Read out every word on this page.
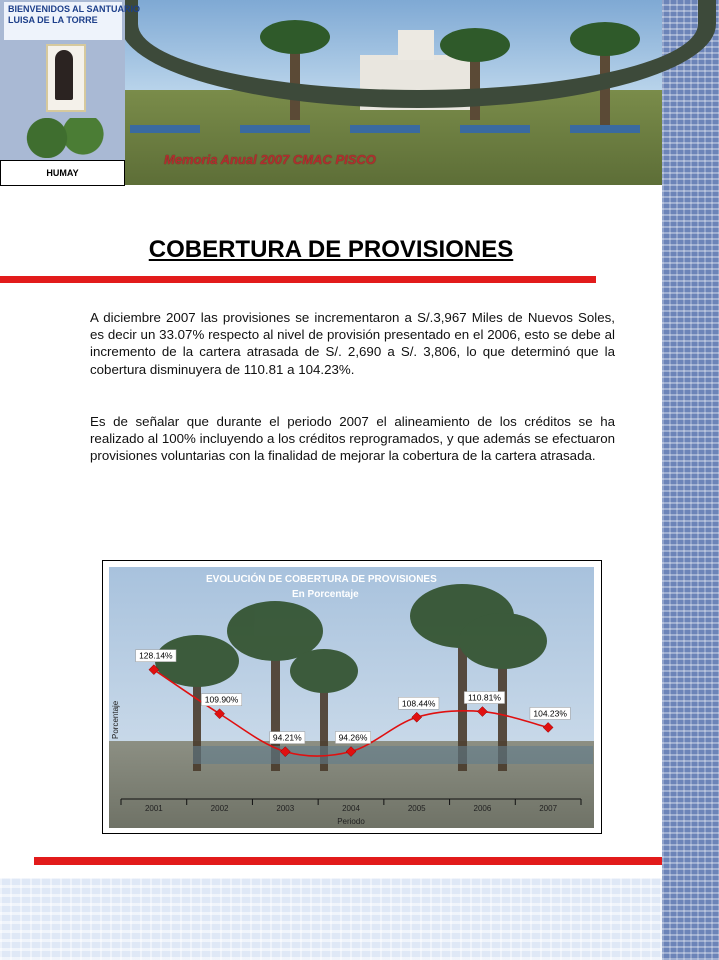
BIENVENIDOS AL SANTUARIO
LUISA DE LA TORRE
HUMAY
Memoria Anual 2007 CMAC PISCO
COBERTURA DE PROVISIONES
A diciembre 2007 las provisiones se incrementaron a S/.3,967 Miles de Nuevos Soles, es decir un 33.07% respecto al nivel de provisión presentado en el 2006, esto se debe al incremento de la cartera atrasada de S/. 2,690 a S/. 3,806, lo que determinó que la cobertura disminuyera de 110.81 a 104.23%.
Es de señalar que durante el periodo 2007 el alineamiento de los créditos se ha realizado al 100% incluyendo a los créditos reprogramados, y que además se efectuaron provisiones voluntarias con la finalidad de mejorar la cobertura de la cartera atrasada.
EVOLUCIÓN DE COBERTURA DE PROVISIONES
En Porcentaje
Porcentaje
2001	2002	2003	2004	2005	2006	2007
Periodo
128.14%
109.90%
94.21%	94.26%
108.44%
110.81%
104.23%
